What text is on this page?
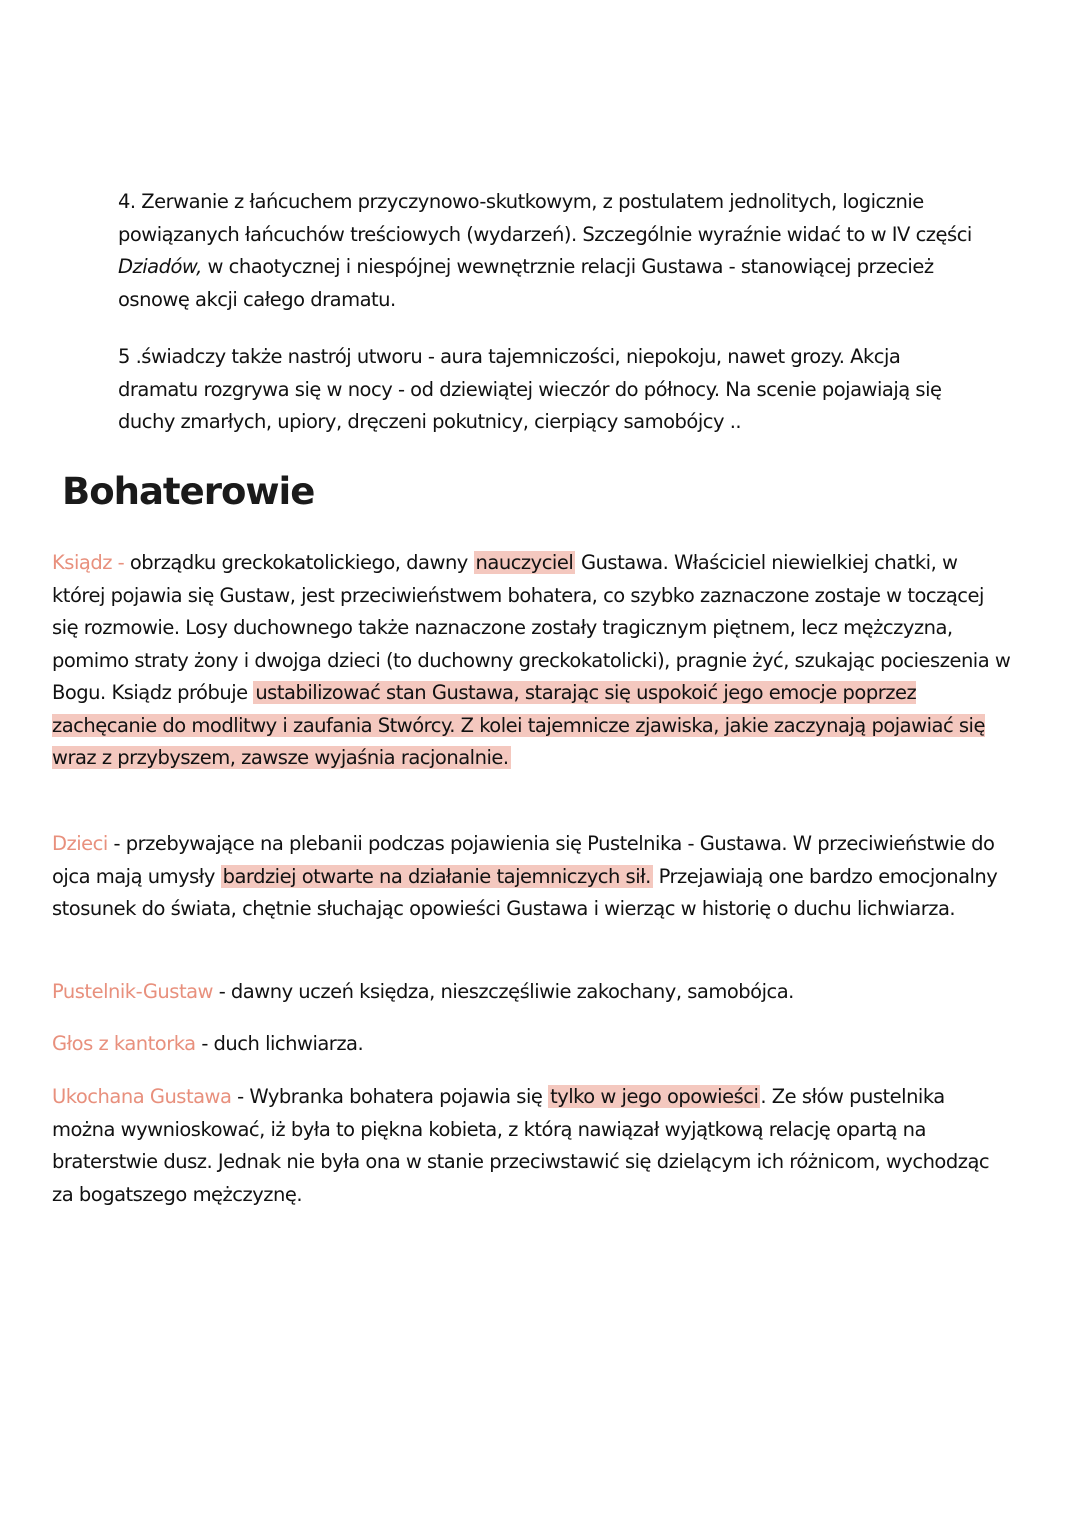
4. Zerwanie z łańcuchem przyczynowo-skutkowym, z postulatem jednolitych, logicznie powiązanych łańcuchów treściowych (wydarzeń). Szczególnie wyraźnie widać to w IV części Dziadów, w chaotycznej i niespójnej wewnętrznie relacji Gustawa - stanowiącej przecież osnowę akcji całego dramatu.

5 .świadczy także nastrój utworu - aura tajemniczości, niepokoju, nawet grozy. Akcja dramatu rozgrywa się w nocy - od dziewiątej wieczór do północy. Na scenie pojawiają się duchy zmarłych, upiory, dręczeni pokutnicy, cierpiący samobójcy ..

Bohaterowie

Ksiądz - obrządku greckokatolickiego, dawny nauczyciel Gustawa. Właściciel niewielkiej chatki, w której pojawia się Gustaw, jest przeciwieństwem bohatera, co szybko zaznaczone zostaje w toczącej się rozmowie. Losy duchownego także naznaczone zostały tragicznym piętnem, lecz mężczyzna, pomimo straty żony i dwojga dzieci (to duchowny greckokatolicki), pragnie żyć, szukając pocieszenia w Bogu. Ksiądz próbuje ustabilizować stan Gustawa, starając się uspokoić jego emocje poprzez zachęcanie do modlitwy i zaufania Stwórcy. Z kolei tajemnicze zjawiska, jakie zaczynają pojawiać się wraz z przybyszem, zawsze wyjaśnia racjonalnie.

Dzieci - przebywające na plebanii podczas pojawienia się Pustelnika - Gustawa. W przeciwieństwie do ojca mają umysły bardziej otwarte na działanie tajemniczych sił. Przejawiają one bardzo emocjonalny stosunek do świata, chętnie słuchając opowieści Gustawa i wierząc w historię o duchu lichwiarza.

Pustelnik-Gustaw - dawny uczeń księdza, nieszczęśliwie zakochany, samobójca.

Głos z kantorka - duch lichwiarza.

Ukochana Gustawa - Wybranka bohatera pojawia się tylko w jego opowieści . Ze słów pustelnika można wywnioskować, iż była to piękna kobieta, z którą nawiązał wyjątkową relację opartą na braterstwie dusz. Jednak nie była ona w stanie przeciwstawić się dzielącym ich różnicom, wychodząc za bogatszego mężczyznę.
